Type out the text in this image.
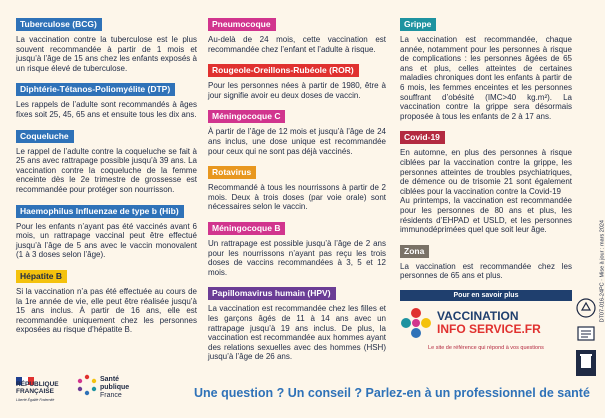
Tuberculose (BCG)
La vaccination contre la tuberculose est le plus souvent recommandée à partir de 1 mois et jusqu’à l’âge de 15 ans chez les enfants exposés à un risque élevé de tuberculose.
Diphtérie-Tétanos-Poliomyélite (DTP)
Les rappels de l’adulte sont recommandés à âges fixes soit 25, 45, 65 ans et ensuite tous les dix ans.
Coqueluche
Le rappel de l’adulte contre la coqueluche se fait à 25 ans avec rattrapage possible jusqu’à 39 ans. La vaccination contre la coqueluche de la femme enceinte dès le 2e trimestre de grossesse est recommandée pour protéger son nourrisson.
Haemophilus Influenzae de type b (Hib)
Pour les enfants n’ayant pas été vaccinés avant 6 mois, un rattrapage vaccinal peut être effectué jusqu’à l’âge de 5 ans avec le vaccin monovalent (1 à 3 doses selon l’âge).
Hépatite B
Si la vaccination n’a pas été effectuée au cours de la 1re année de vie, elle peut être réalisée jusqu’à 15 ans inclus. À partir de 16 ans, elle est recommandée uniquement chez les personnes exposées au risque d’hépatite B.
Pneumocoque
Au-delà de 24 mois, cette vaccination est recommandée chez l’enfant et l’adulte à risque.
Rougeole-Oreillons-Rubéole (ROR)
Pour les personnes nées à partir de 1980, être à jour signifie avoir eu deux doses de vaccin.
Méningocoque C
À partir de l’âge de 12 mois et jusqu’à l’âge de 24 ans inclus, une dose unique est recommandée pour ceux qui ne sont pas déjà vaccinés.
Rotavirus
Recommandé à tous les nourrissons à partir de 2 mois. Deux à trois doses (par voie orale) sont nécessaires selon le vaccin.
Méningocoque B
Un rattrapage est possible jusqu’à l’âge de 2 ans pour les nourrissons n’ayant pas reçu les trois doses de vaccins recommandées à 3, 5 et 12 mois.
Papillomavirus humain (HPV)
La vaccination est recommandée chez les filles et les garçons âgés de 11 à 14 ans avec un rattrapage jusqu’à 19 ans inclus. De plus, la vaccination est recommandée aux hommes ayant des relations sexuelles avec des hommes (HSH) jusqu’à l’âge de 26 ans.
Grippe
La vaccination est recommandée, chaque année, notamment pour les personnes à risque de complications : les personnes âgées de 65 ans et plus, celles atteintes de certaines maladies chroniques dont les enfants à partir de 6 mois, les femmes enceintes et les personnes souffrant d’obésité (IMC>40 kg.m²). La vaccination contre la grippe sera désormais proposée à tous les enfants de 2 à 17 ans.
Covid-19
En automne, en plus des personnes à risque ciblées par la vaccination contre la grippe, les personnes atteintes de troubles psychiatriques, de démence ou de trisomie 21 sont également ciblées pour la vaccination contre la Covid-19
Au printemps, la vaccination est recommandée pour les personnes de 80 ans et plus, les résidents d’EHPAD et USLD, et les personnes immunodéprimées quel que soit leur âge.
Zona
La vaccination est recommandée chez les personnes de 65 ans et plus.	DT07-016-24PC · Mise à jour : mars 2024
Pour en savoir plus
VACCINATION
INFO SERVICE.FR
Le site de référence qui répond à vos questions
RÉPUBLIQUE
FRANÇAISE
Liberté Égalité Fraternité
Santé
publique
France	Une question ? Un conseil ? Parlez-en à un professionnel de santé
